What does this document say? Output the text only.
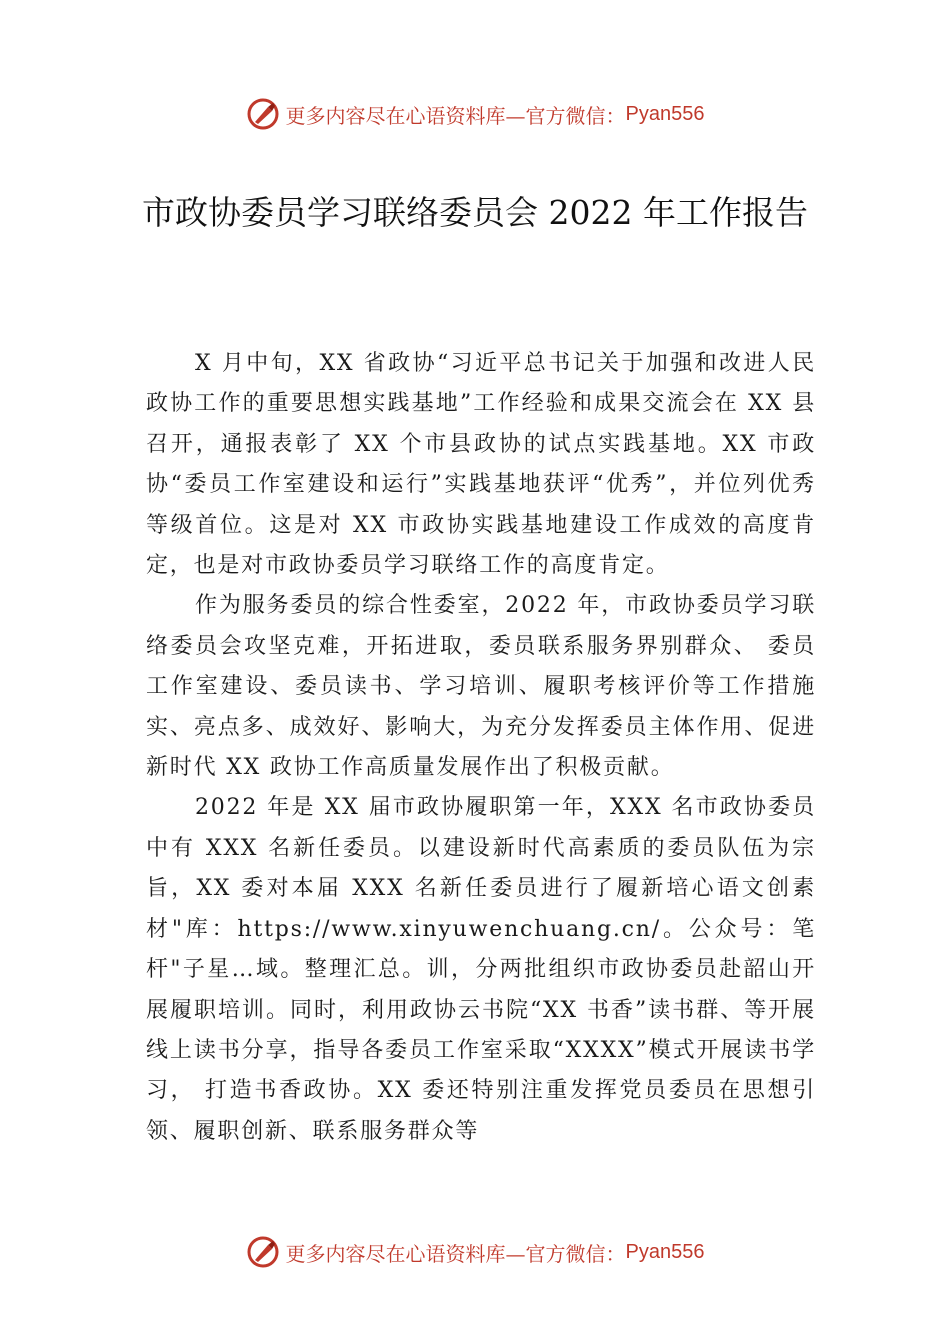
更多内容尽在心语资料库—官方微信： Pyan556
市政协委员学习联络委员会 2022 年工作报告

X 月中旬，XX 省政协“习近平总书记关于加强和改进人民政协工作的重要思想实践基地”工作经验和成果交流会在 XX 县召开，通报表彰了 XX 个市县政协的试点实践基地。XX 市政协“委员工作室建设和运行”实践基地获评“优秀”，并位列优秀等级首位。这是对 XX 市政协实践基地建设工作成效的高度肯定，也是对市政协委员学习联络工作的高度肯定。

作为服务委员的综合性委室，2022 年，市政协委员学习联络委员会攻坚克难，开拓进取，委员联系服务界别群众、 委员工作室建设、委员读书、学习培训、履职考核评价等工作措施实、亮点多、成效好、影响大，为充分发挥委员主体作用、促进新时代 XX 政协工作高质量发展作出了积极贡献。

2022 年是 XX 届市政协履职第一年，XXX 名市政协委员中有 XXX 名新任委员。以建设新时代高素质的委员队伍为宗旨，XX 委对本届 XXX 名新任委员进行了履新培心语文创素材"库：https://www.xinyuwenchuang.cn/。公众号：笔杆"子星…域。整理汇总。训，分两批组织市政协委员赴韶山开展履职培训。同时，利用政协云书院“XX 书香”读书群、等开展线上读书分享，指导各委员工作室采取“XXXX”模式开展读书学习， 打造书香政协。XX 委还特别注重发挥党员委员在思想引领、履职创新、联系服务群众等

更多内容尽在心语资料库—官方微信： Pyan556
